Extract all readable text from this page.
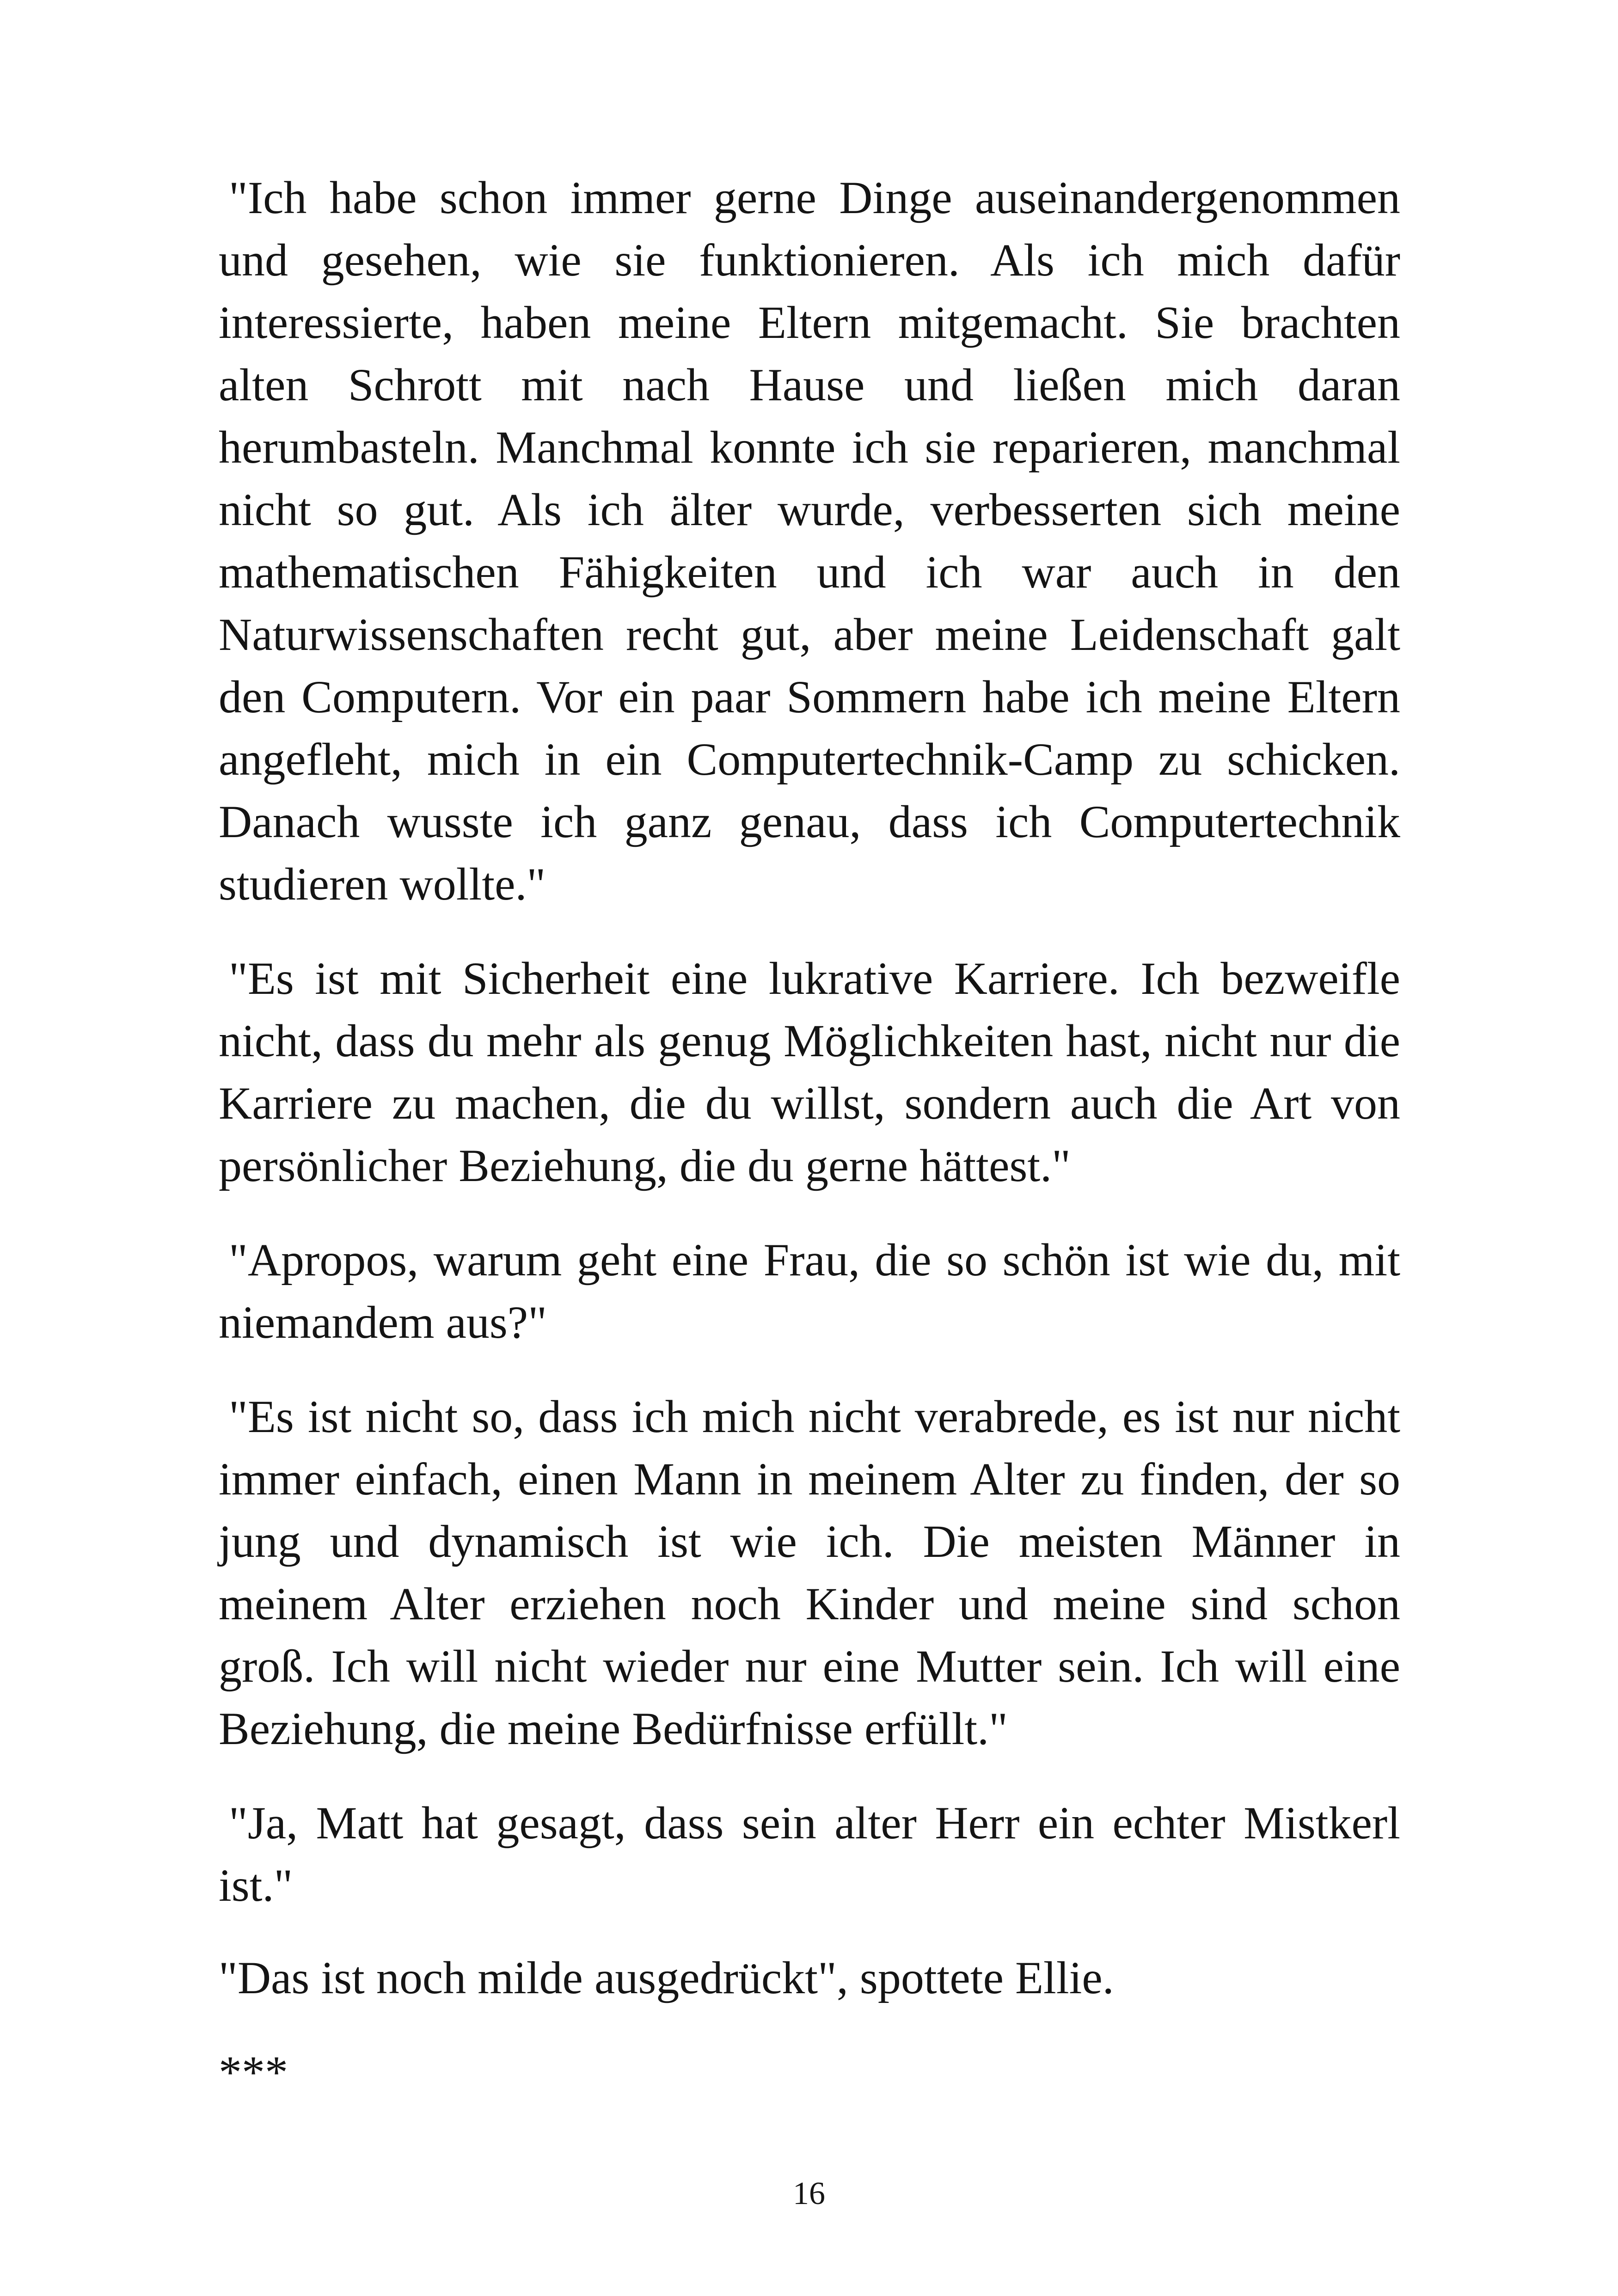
"Ich habe schon immer gerne Dinge auseinandergenommen und gesehen, wie sie funktionieren. Als ich mich dafür interessierte, haben meine Eltern mitgemacht. Sie brachten alten Schrott mit nach Hause und ließen mich daran herumbasteln. Manchmal konnte ich sie reparieren, manchmal nicht so gut. Als ich älter wurde, verbesserten sich meine mathematischen Fähigkeiten und ich war auch in den Naturwissenschaften recht gut, aber meine Leidenschaft galt den Computern. Vor ein paar Sommern habe ich meine Eltern angefleht, mich in ein Computertechnik-Camp zu schicken. Danach wusste ich ganz genau, dass ich Computertechnik studieren wollte."

"Es ist mit Sicherheit eine lukrative Karriere. Ich bezweifle nicht, dass du mehr als genug Möglichkeiten hast, nicht nur die Karriere zu machen, die du willst, sondern auch die Art von persönlicher Beziehung, die du gerne hättest."

"Apropos, warum geht eine Frau, die so schön ist wie du, mit niemandem aus?"

"Es ist nicht so, dass ich mich nicht verabrede, es ist nur nicht immer einfach, einen Mann in meinem Alter zu finden, der so jung und dynamisch ist wie ich. Die meisten Männer in meinem Alter erziehen noch Kinder und meine sind schon groß. Ich will nicht wieder nur eine Mutter sein. Ich will eine Beziehung, die meine Bedürfnisse erfüllt."

"Ja, Matt hat gesagt, dass sein alter Herr ein echter Mistkerl ist."

"Das ist noch milde ausgedrückt", spottete Ellie.

***

16
